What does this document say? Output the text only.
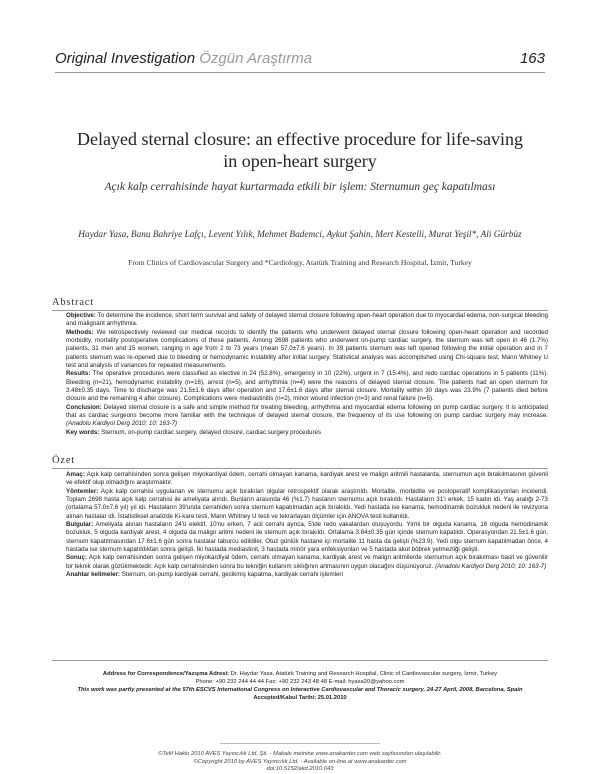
Original Investigation Özgün Araştırma	163
Delayed sternal closure: an effective procedure for life-saving
in open-heart surgery
Açık kalp cerrahisinde hayat kurtarmada etkili bir işlem: Sternumun geç kapatılması
Haydar Yasa, Banu Bahriye Lafçı, Levent Yılık, Mehmet Bademci, Aykut Şahin, Mert Kestelli, Murat Yeşil*, Ali Gürbüz
From Clinics of Cardiovascular Surgery and *Cardiology, Atatürk Training and Research Hospital, İzmir, Turkey
Abstract

Objective: To determine the incidence, short term survival and safety of delayed sternal closure following open-heart operation due to myocardial edema, non-surgical bleeding and malignant arrhythmia.

Methods: We retrospectively reviewed our medical records to identify the patients who underwent delayed sternal closure following open-heart operation and recorded morbidity, mortality postoperative complications of these patients. Among 2698 patients who underwent on-pump cardiac surgery, the sternum was left open in 46 (1.7%) patients, 31 men and 15 women, ranging in age from 2 to 73 years (mean 57.0±7.6 years). In 39 patients sternum was left opened following the initial operation and in 7 patients sternum was re-opened due to bleeding or hemodynamic instability after initial surgery. Statistical analysis was accomplished using Chi-square test, Mann Whitney U test and analysis of variances for repeated measurements.

Results: The operative procedures were classified as elective in 24 (52.8%), emergency in 10 (22%), urgent in 7 (15.4%), and redo cardiac operations in 5 patients (11%). Bleeding (n=21), hemodynamic instability (n=16), arrest (n=5), and arrhythmia (n=4) were the reasons of delayed sternal closure. The patients had an open sternum for 3.48±0.35 days. Time to discharge was 21.5±1.6 days after operation and 17.6±1.6 days after sternal closure. Mortality within 30 days was 23.9% (7 patients died before closure and the remaining 4 after closure). Complications were mediastinitis (n=2), minor wound infection (n=3) and renal failure (n=5).

Conclusion: Delayed sternal closure is a safe and simple method for treating bleeding, arrhythmia and myocardial edema following on pump cardiac surgery. It is anticipated that as cardiac surgeons become more familiar with the technique of delayed sternal closure, the frequency of its use following on pump cardiac surgery may increase. (Anadolu Kardiyol Derg 2010; 10: 163-7)

Key words: Sternum, on-pump cardiac surgery, delayed closure, cardiac surgery procedures

Özet

Amaç: Açık kalp cerrahisinden sonra gelişen miyokardiyal ödem, cerrahi olmayan kanama, kardiyak arest ve malign aritmili hastalarda, sternumun açık bırakılmasının güvenli ve efektif olup olmadığını araştırmaktır.

Yöntemler: Açık kalp cerrahisi uygulanan ve sternumu açık bırakılan olgular retrospektif olarak araştırıldı. Mortalite, morbidite ve postoperatif komplikasyonları incelendi. Toplam 2698 hasta açık kalp cerrahisi ile ameliyata alındı. Bunların arasında 46 (%1.7) hastanın sternumu açık bırakıldı. Hastaların 31'i erkek, 15 kadın idi. Yaş aralığı 2-73 (ortalama 57.0±7.6 yıl) yıl idi. Hastaların 39'unda cerrahiden sonra sternum kapatılmadan açık bırakıldı. Yedi hastada ise kanama, hemodinamik bozukluk nedeni ile revizyona alınan hastalar idi. İstatistiksel analizde Ki-kare testi, Mann Whitney U testi ve tekrarlayan ölçümler için ANOVA testi kullanıldı.

Bulgular: Ameliyata alınan hastaların 24'ü elektif, 10'nu erken, 7 acil cerrahi ayrıca, 5'ide redo vakalardan oluşuyordu. Yirmi bir olguda kanama, 16 olguda hemodinamik bozukluk, 5 olguda kardiyak arest, 4 olguda da malign aritmi nedeni ile sternum açık bırakıldı. Ortalama 3.84±0.35 gün içinde sternum kapatıldı. Operasyondan 21.5±1.6 gün, sternum kapatılmasından 17.6±1.6 gün sonra hastalar taburcu edildiler. Otuz günlük hastane içi mortalite 11 hasta da gelişti (%23.9). Yedi olgu sternum kapatılmadan önce, 4 hastada ise sternum kapatıldıktan sonra gelişti. İki hastada mediastinit, 3 hastada minör yara enfeksiyonları ve 5 hastada akut böbrek yetmezliği gelişti.

Sonuç: Açık kalp cerrahisinden sonra gelişen miyokardiyal ödem, cerrahi olmayan kanama, kardiyak arest ve malign aritmilerde sternumun açık bırakılması basit ve güvenilir bir teknik olarak gözükmektedir. Açık kalp cerrahisinden sonra bu tekniğin kullanım sıklığının artmasının uygun olacağını düşünüyoruz. (Anadolu Kardiyol Derg 2010; 10: 163-7)

Anahtar kelimeler: Sternum, on-pump kardiyak cerrahi, gecikmiş kapatma, kardiyak cerrahi işlemleri

Address for Correspondence/Yazışma Adresi: Dr. Haydar Yasa, Atatürk Training and Research Hospital, Clinic of Cardiovascular surgery, İzmir, Turkey

Phone: +90 232 244 44 44 Fax: +90 232 243 48 48 E-mail: hyasa20@yahoo.com

This work was partly presented at the 57th ESCVS International Congress on Interactive Cardiovascular and Thoracic surgery, 24-27 April, 2008, Barcelona, Spain

Accepted/Kabul Tarihi: 25.01.2010

©Telif Hakkı 2010 AVES Yayıncılık Ltd. Şti. - Makale metnine www.anakarder.com web sayfasından ulaşılabilir.

©Copyright 2010 by AVES Yayıncılık Ltd. - Available on-line at www.anakarder.com

doi:10.5152/akd.2010.043
